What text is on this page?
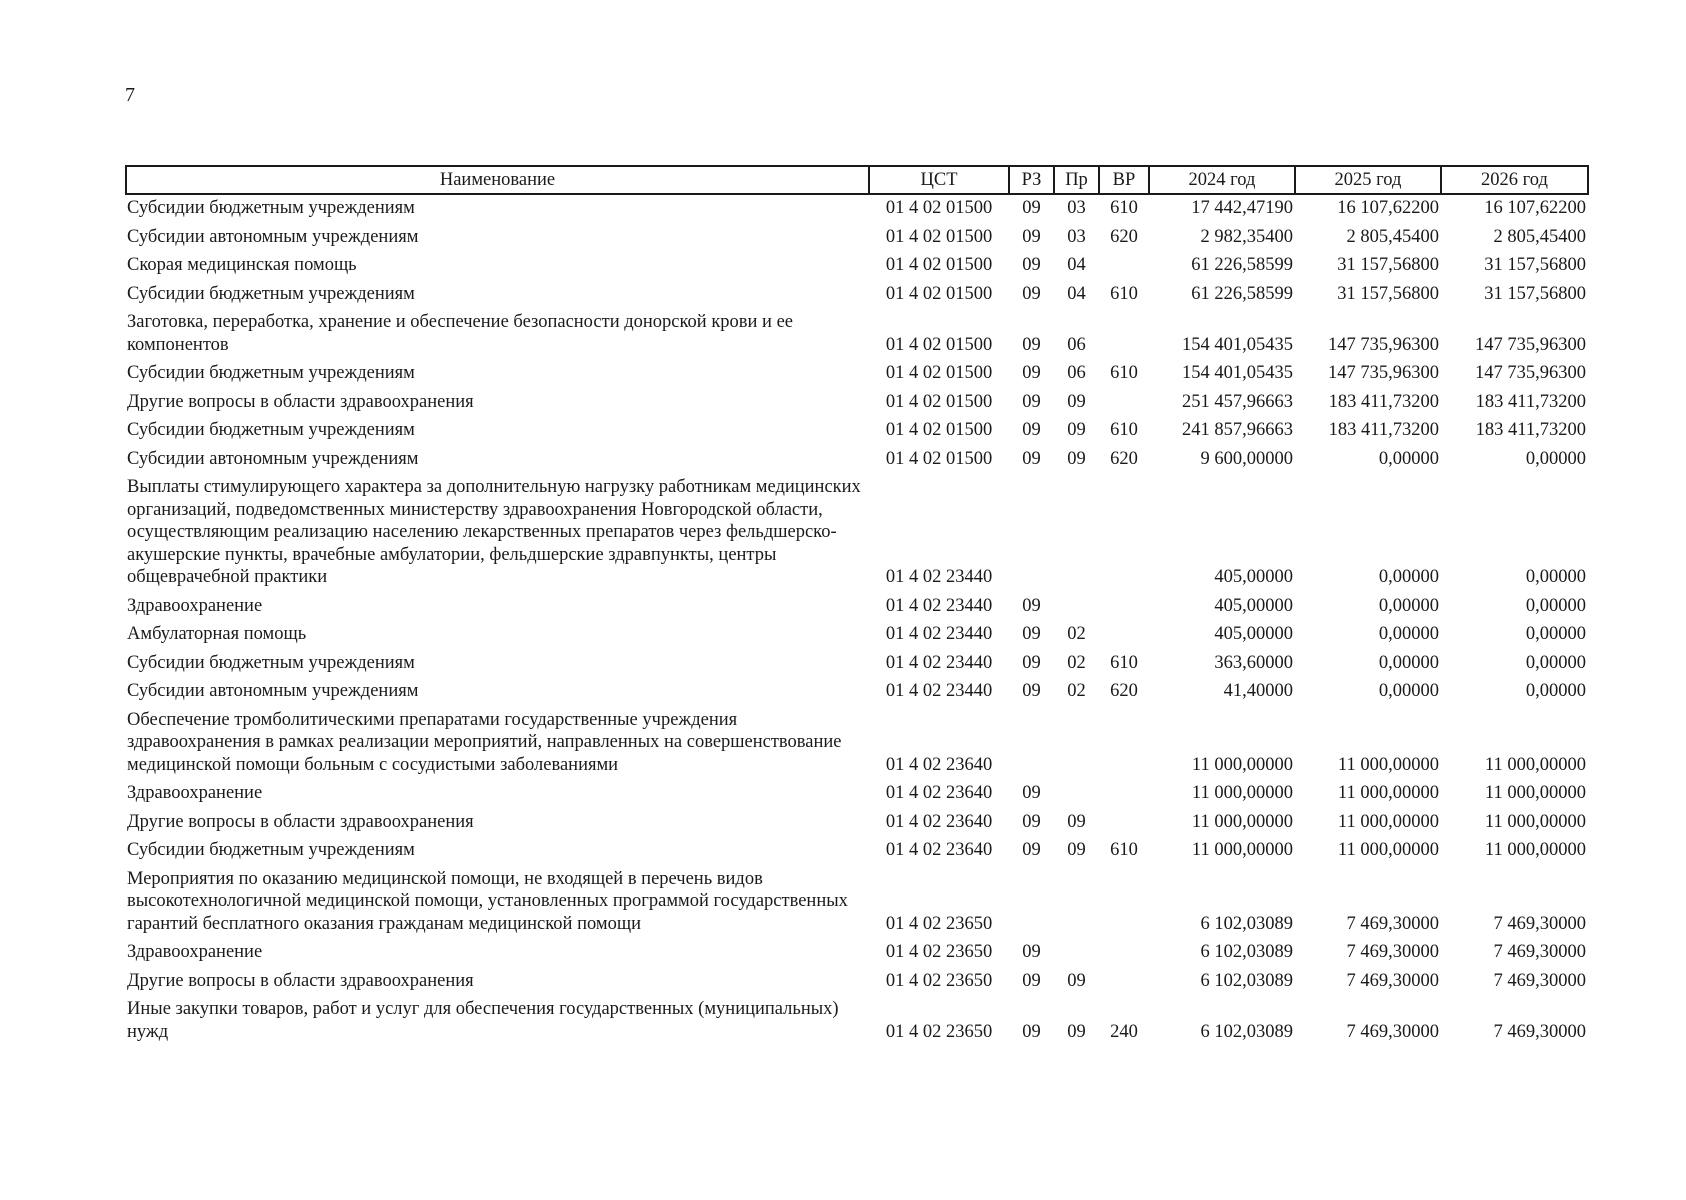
7
Наименование	ЦСТ	РЗ	Пр	ВР	2024 год	2025 год	2026 год
Субсидии бюджетным учреждениям	01 4 02 01500	09	03	610	17 442,47190	16 107,62200	16 107,62200
Субсидии автономным учреждениям	01 4 02 01500	09	03	620	2 982,35400	2 805,45400	2 805,45400
Скорая медицинская помощь	01 4 02 01500	09	04		61 226,58599	31 157,56800	31 157,56800
Субсидии бюджетным учреждениям	01 4 02 01500	09	04	610	61 226,58599	31 157,56800	31 157,56800
Заготовка, переработка, хранение и обеспечение безопасности донорской крови и ее компонентов	01 4 02 01500	09	06		154 401,05435	147 735,96300	147 735,96300
Субсидии бюджетным учреждениям	01 4 02 01500	09	06	610	154 401,05435	147 735,96300	147 735,96300
Другие вопросы в области здравоохранения	01 4 02 01500	09	09		251 457,96663	183 411,73200	183 411,73200
Субсидии бюджетным учреждениям	01 4 02 01500	09	09	610	241 857,96663	183 411,73200	183 411,73200
Субсидии автономным учреждениям	01 4 02 01500	09	09	620	9 600,00000	0,00000	0,00000
Выплаты стимулирующего характера за дополнительную нагрузку работникам медицинских организаций, подведомственных министерству здравоохранения Новгородской области, осуществляющим реализацию населению лекарственных препаратов через фельдшерско-акушерские пункты, врачебные амбулатории, фельдшерские здравпункты, центры общеврачебной практики	01 4 02 23440				405,00000	0,00000	0,00000
Здравоохранение	01 4 02 23440	09			405,00000	0,00000	0,00000
Амбулаторная помощь	01 4 02 23440	09	02		405,00000	0,00000	0,00000
Субсидии бюджетным учреждениям	01 4 02 23440	09	02	610	363,60000	0,00000	0,00000
Субсидии автономным учреждениям	01 4 02 23440	09	02	620	41,40000	0,00000	0,00000
Обеспечение тромболитическими препаратами государственные учреждения здравоохранения в рамках реализации мероприятий, направленных на совершенствование медицинской помощи больным с сосудистыми заболеваниями	01 4 02 23640				11 000,00000	11 000,00000	11 000,00000
Здравоохранение	01 4 02 23640	09			11 000,00000	11 000,00000	11 000,00000
Другие вопросы в области здравоохранения	01 4 02 23640	09	09		11 000,00000	11 000,00000	11 000,00000
Субсидии бюджетным учреждениям	01 4 02 23640	09	09	610	11 000,00000	11 000,00000	11 000,00000
Мероприятия по оказанию медицинской помощи, не входящей в перечень видов высокотехнологичной медицинской помощи, установленных программой государственных гарантий бесплатного оказания гражданам медицинской помощи	01 4 02 23650				6 102,03089	7 469,30000	7 469,30000
Здравоохранение	01 4 02 23650	09			6 102,03089	7 469,30000	7 469,30000
Другие вопросы в области здравоохранения	01 4 02 23650	09	09		6 102,03089	7 469,30000	7 469,30000
Иные закупки товаров, работ и услуг для обеспечения государственных (муниципальных) нужд	01 4 02 23650	09	09	240	6 102,03089	7 469,30000	7 469,30000
